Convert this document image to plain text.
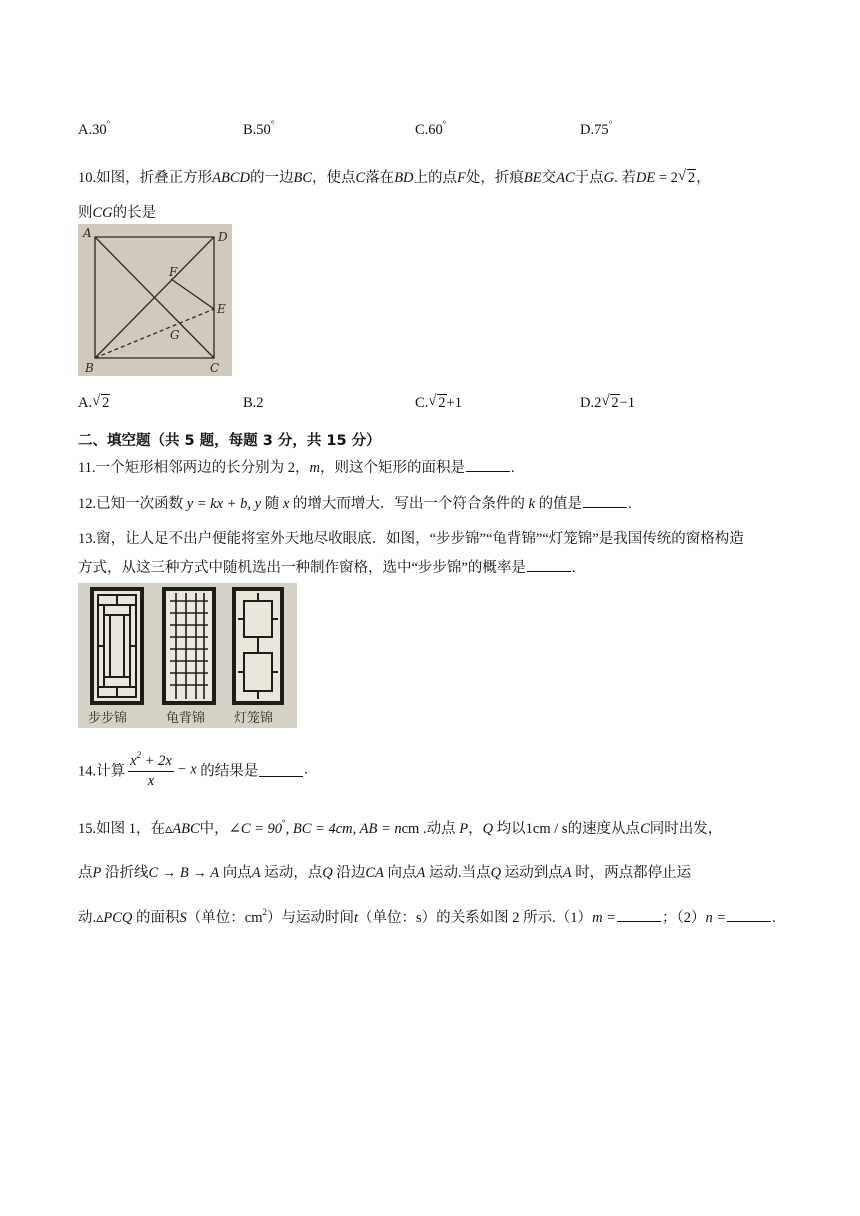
A.30°	B.50°	C.60°	D.75°
10.如图，折叠正方形ABCD的一边BC，使点C落在BD上的点F处，折痕BE交AC于点G. 若DE = 2 √ 2，
则CG的长是
A	D
F
E
G
B	C
A. √ 2	B.2	C. √ 2+1	D.2 √ 2−1
二、填空题（共 5 题，每题 3 分，共 15 分）
11.一个矩形相邻两边的长分别为 2，m，则这个矩形的面积是	.
12.已知一次函数 y = kx + b, y 随 x 的增大而增大．写出一个符合条件的 k 的值是	.
13.窗，让人足不出户便能将室外天地尽收眼底．如图，“步步锦”“龟背锦”“灯笼锦”是我国传统的窗格构造
方式，从这三种方式中随机选出一种制作窗格，选中“步步锦”的概率是	.
步步锦	龟背锦 灯笼锦
14.计算 $\frac{x^2 + 2x}{x} - x$ 的结果是	.
15.如图 1，在▵ABC中，∠C = 90°, BC = 4cm, AB = ncm .动点 P，Q 均以1cm / s的速度从点C同时出发，
点P 沿折线C → B → A 向点A 运动，点Q 沿边CA 向点A 运动.当点Q 运动到点A 时，两点都停止运
动.▵PCQ 的面积S（单位：$cm^2$）与运动时间t（单位：s）的关系如图 2 所示.（1）m =	；（2）n =	.
